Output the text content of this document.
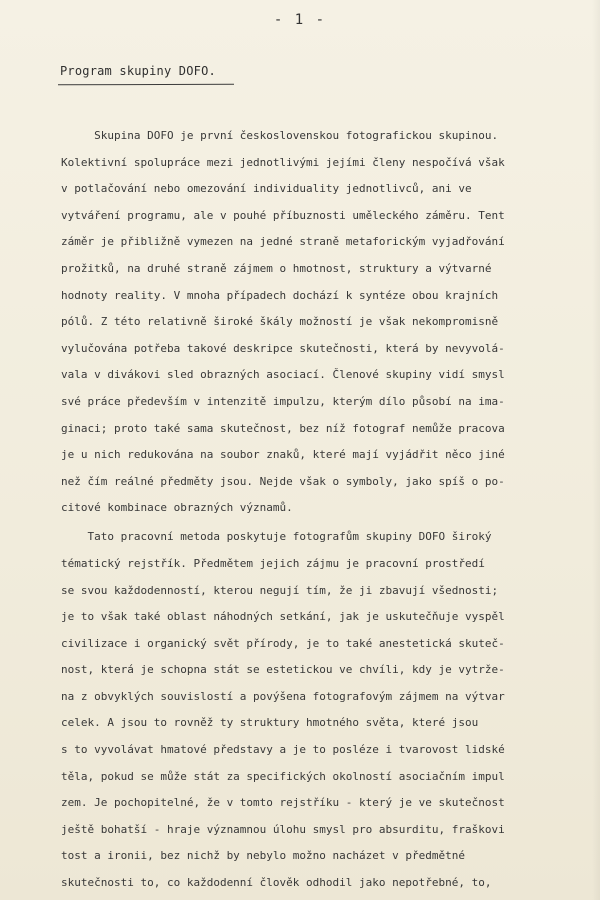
- 1 -
Program skupiny DOFO.
Skupina DOFO je první československou fotografickou skupinou.
Kolektivní spolupráce mezi jednotlivými jejími členy nespočívá však
v potlačování nebo omezování individuality jednotlivců, ani ve
vytváření programu, ale v pouhé příbuznosti uměleckého záměru. Tent
záměr je přibližně vymezen na jedné straně metaforickým vyjadřování
prožitků, na druhé straně zájmem o hmotnost, struktury a výtvarné
hodnoty reality. V mnoha případech dochází k syntéze obou krajních
pólů. Z této relativně široké škály možností je však nekompromisně
vylučována potřeba takové deskripce skutečnosti, která by nevyvolá-
vala v divákovi sled obrazných asociací. Členové skupiny vidí smysl
své práce především v intenzitě impulzu, kterým dílo působí na ima-
ginaci; proto také sama skutečnost, bez níž fotograf nemůže pracova
je u nich redukována na soubor znaků, které mají vyjádřit něco jiné
než čím reálné předměty jsou. Nejde však o symboly, jako spíš o po-
citové kombinace obrazných významů.
Tato pracovní metoda poskytuje fotografům skupiny DOFO široký
tématický rejstřík. Předmětem jejich zájmu je pracovní prostředí
se svou každodenností, kterou negují tím, že ji zbavují všednosti;
je to však také oblast náhodných setkání, jak je uskutečňuje vyspěl
civilizace i organický svět přírody, je to také anestetická skuteč-
nost, která je schopna stát se estetickou ve chvíli, kdy je vytrže-
na z obvyklých souvislostí a povýšena fotografovým zájmem na výtvar
celek. A jsou to rovněž ty struktury hmotného světa, které jsou
s to vyvolávat hmatové představy a je to posléze i tvarovost lidské
těla, pokud se může stát za specifických okolností asociačním impul
zem. Je pochopitelné, že v tomto rejstříku - který je ve skutečnost
ještě bohatší - hraje významnou úlohu smysl pro absurditu, fraškovi
tost a ironii, bez nichž by nebylo možno nacházet v předmětné
skutečnosti to, co každodenní člověk odhodil jako nepotřebné, to,
